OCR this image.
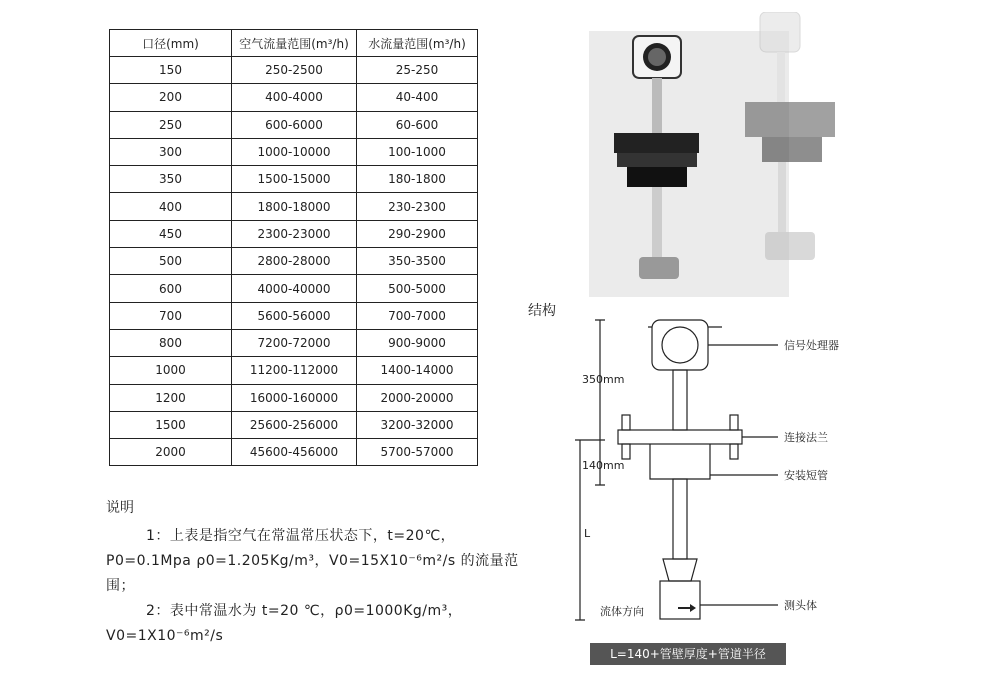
口径(mm)	空气流量范围(m³/h)	水流量范围(m³/h)
150	250-2500	25-250
200	400-4000	40-400
250	600-6000	60-600
300	1000-10000	100-1000
350	1500-15000	180-1800
400	1800-18000	230-2300
450	2300-23000	290-2900
500	2800-28000	350-3500
600	4000-40000	500-5000
700	5600-56000	700-7000
800	7200-72000	900-9000
1000	11200-112000	1400-14000
1200	16000-160000	2000-20000
1500	25600-256000	3200-32000
2000	45600-456000	5700-57000
说明
1：上表是指空气在常温常压状态下，t=20℃，P0=0.1Mpa ρ0=1.205Kg/m³，V0=15X10⁻⁶m²/s 的流量范围；
2：表中常温水为 t=20 ℃，ρ0=1000Kg/m³，V0=1X10⁻⁶m²/s
结构
350mm
140mm
L
流体方向
信号处理器
连接法兰
安装短管
测头体
L=140+管壁厚度+管道半径
